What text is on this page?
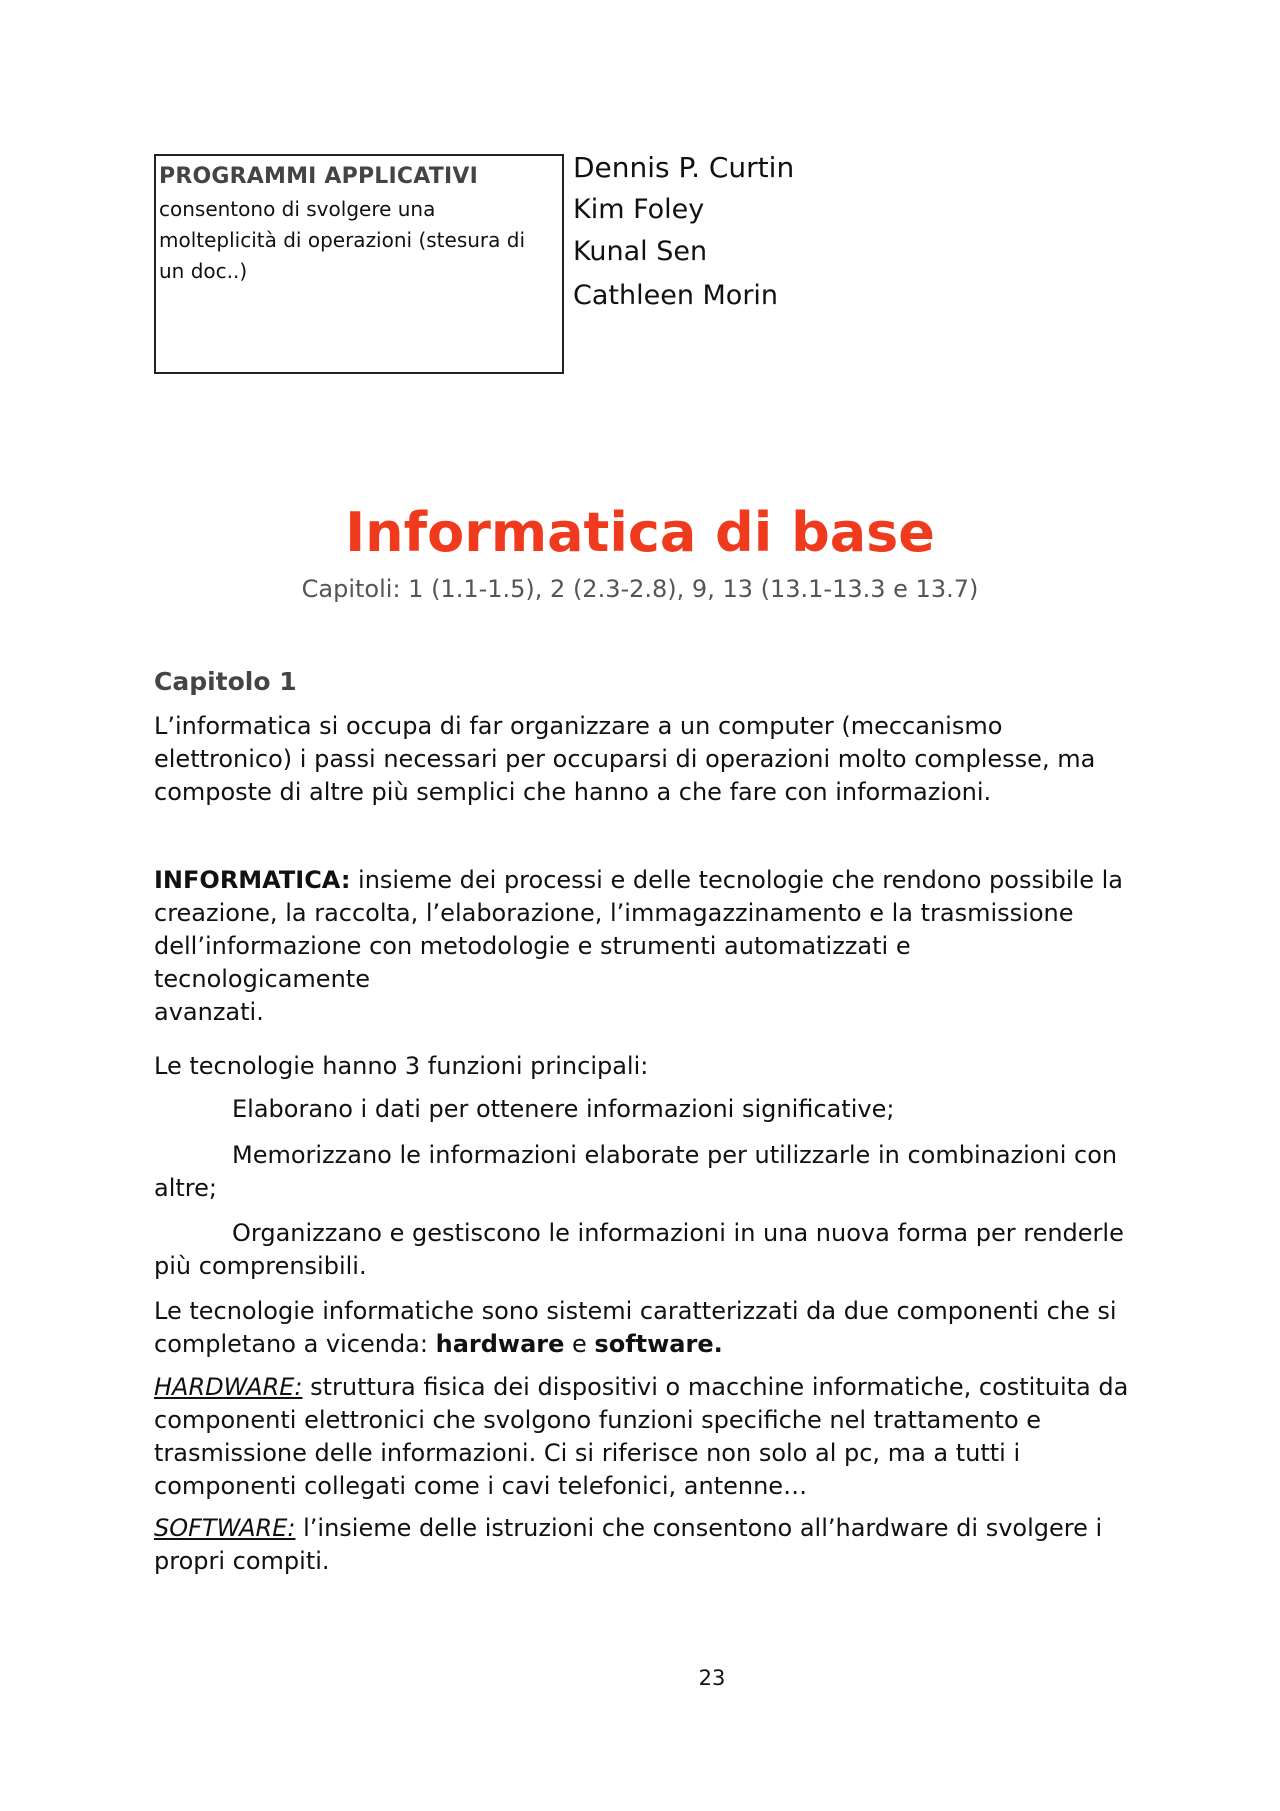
PROGRAMMI APPLICATIVI

consentono di svolgere una

molteplicità di operazioni (stesura di

un doc..)

Dennis P. Curtin

Kim Foley

Kunal Sen

Cathleen Morin

Informatica di base

Capitoli: 1 (1.1-1.5), 2 (2.3-2.8), 9, 13 (13.1-13.3 e 13.7)

Capitolo 1

L’informatica si occupa di far organizzare a un computer (meccanismo

elettronico) i passi necessari per occuparsi di operazioni molto complesse, ma

composte di altre più semplici che hanno a che fare con informazioni.

INFORMATICA: insieme dei processi e delle tecnologie che rendono possibile la

creazione, la raccolta, l’elaborazione, l’immagazzinamento e la trasmissione

dell’informazione con metodologie e strumenti automatizzati e tecnologicamente

avanzati.

Le tecnologie hanno 3 funzioni principali:

Elaborano i dati per ottenere informazioni significative;

Memorizzano le informazioni elaborate per utilizzarle in combinazioni con

altre;

Organizzano e gestiscono le informazioni in una nuova forma per renderle

più comprensibili.

Le tecnologie informatiche sono sistemi caratterizzati da due componenti che si

completano a vicenda: hardware e software.

HARDWARE: struttura fisica dei dispositivi o macchine informatiche, costituita da

componenti elettronici che svolgono funzioni specifiche nel trattamento e

trasmissione delle informazioni. Ci si riferisce non solo al pc, ma a tutti i

componenti collegati come i cavi telefonici, antenne…

SOFTWARE: l’insieme delle istruzioni che consentono all’hardware di svolgere i

propri compiti.

23
